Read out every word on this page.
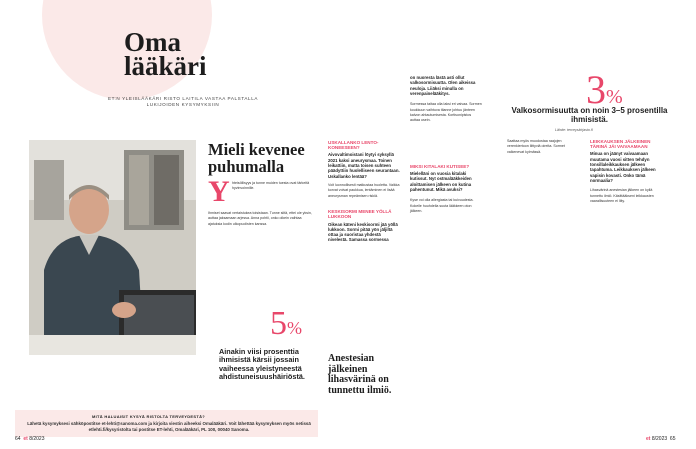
Oma
lääkäri
ET:N YLEISLÄÄKÄRI RISTO LAITILA VASTAA PALSTALLA LUKIJOIDEN KYSYMYKSIIN
Mieli kevenee puhumalla
Y hteisöllisyys ja tunne muiden tuesta ovat tärkeitä hyvinvoinnille.
Ihmiset saavat vertaistukea toisistaan. Tunne siitä, ettei ole yksin, auttaa jaksamaan arjessa. Anna pohtii, onko oikein vaihtaa ajatuksia kodin ulkopuolisten kanssa.
5%
Ainakin viisi prosenttia ihmisistä kärsii jossain vaiheessa yleistyneestä ahdistuneisuushäiriöstä.
MITÄ HALUAISIT KYSYÄ RISTOLTA TERVEYDESTÄ?
Lähetä kysymyksesi sähköpostitse et-lehti@sanoma.com ja kirjoita viestin aiheeksi Omalääkäri. Voit lähettää kysymyksen myös netissä etlehti.fi/kysyristolta tai postitse ET-lehti, Omalääkäri, PL 100, 00040 Sanoma.
USKALLANKO LENTO-KONEESEEN?
Aivovaltimoistani löytyi syksyllä 2021 kaksi aneurysmaa. Toinen leikattiin, mutta toisen suhteen päädyttiin huolelliseen seurantaan. Uskallanko lentää?
Voit luonnollisesti matkustaa huoletta. Vaikka korvat voivat paukkua, lentäminen ei lisää aneurysman repeämisen riskiä.
KESKISORMI MENEE YÖLLÄ LUKKOON
Oikean käteni keskisormi jää yöllä lukkoon. Sormi pitää yön jäljiltä ottaa ja suoristaa yhdestä nivelestä. Samassa sormessa
Anestesian jälkeinen lihasvärinä on tunnettu ilmiö.
on nuoresta lästä asti ollut valkosormisuutta. Olen aikeissa neuloja. Liiäksi minulla on verenpainelääkitys.
Sormessa taitaa olla laksi eri vaivaa. Sormen koukkuun vaihtuva tilanne johtuu jänteen kalvon ahtautumisesta. Kortisonipistos auttaa usein.
MIKSI KITALAKI KUTISEE?
Mielelläni on vuosia kitalaki kutissut. Nyt ostmalääkkeiden aloittamisen jälkeen on kutina pahentunut. Mikä avuksi?
Kyse voi olla allergiasta tai kuivuudesta. Kokeile huuhdella suuta lääkkeen oton jälkeen.
3%
Valkosormisuutta on noin 3–5 prosentilla ihmisistä.
Lähde: terveyskirjasto.fi
Saattaa myös muodostaa raajojen verenkiertoon liittyviä oireita. Sormet valkenevat kylmässä.
LEIKKAUKSEN JÄLKEINEN TÄRINÄ JÄI VAIVAAMAAN
Minua on jäänyt vaivaamaan muutama vuosi sitten tehdyn tonsillaleikkauksen jälkeen tapahtuma. Leikkauksen jälkeen vapisin kovasti. Onko tämä normaalia?
Lihasvärinä anestesian jälkeen on kyllä tunnettu ilmiö. Käsittääkseni leikkausten vaarallisuuteen ei liity.
64 et 8/2023	et 8/2023 65
